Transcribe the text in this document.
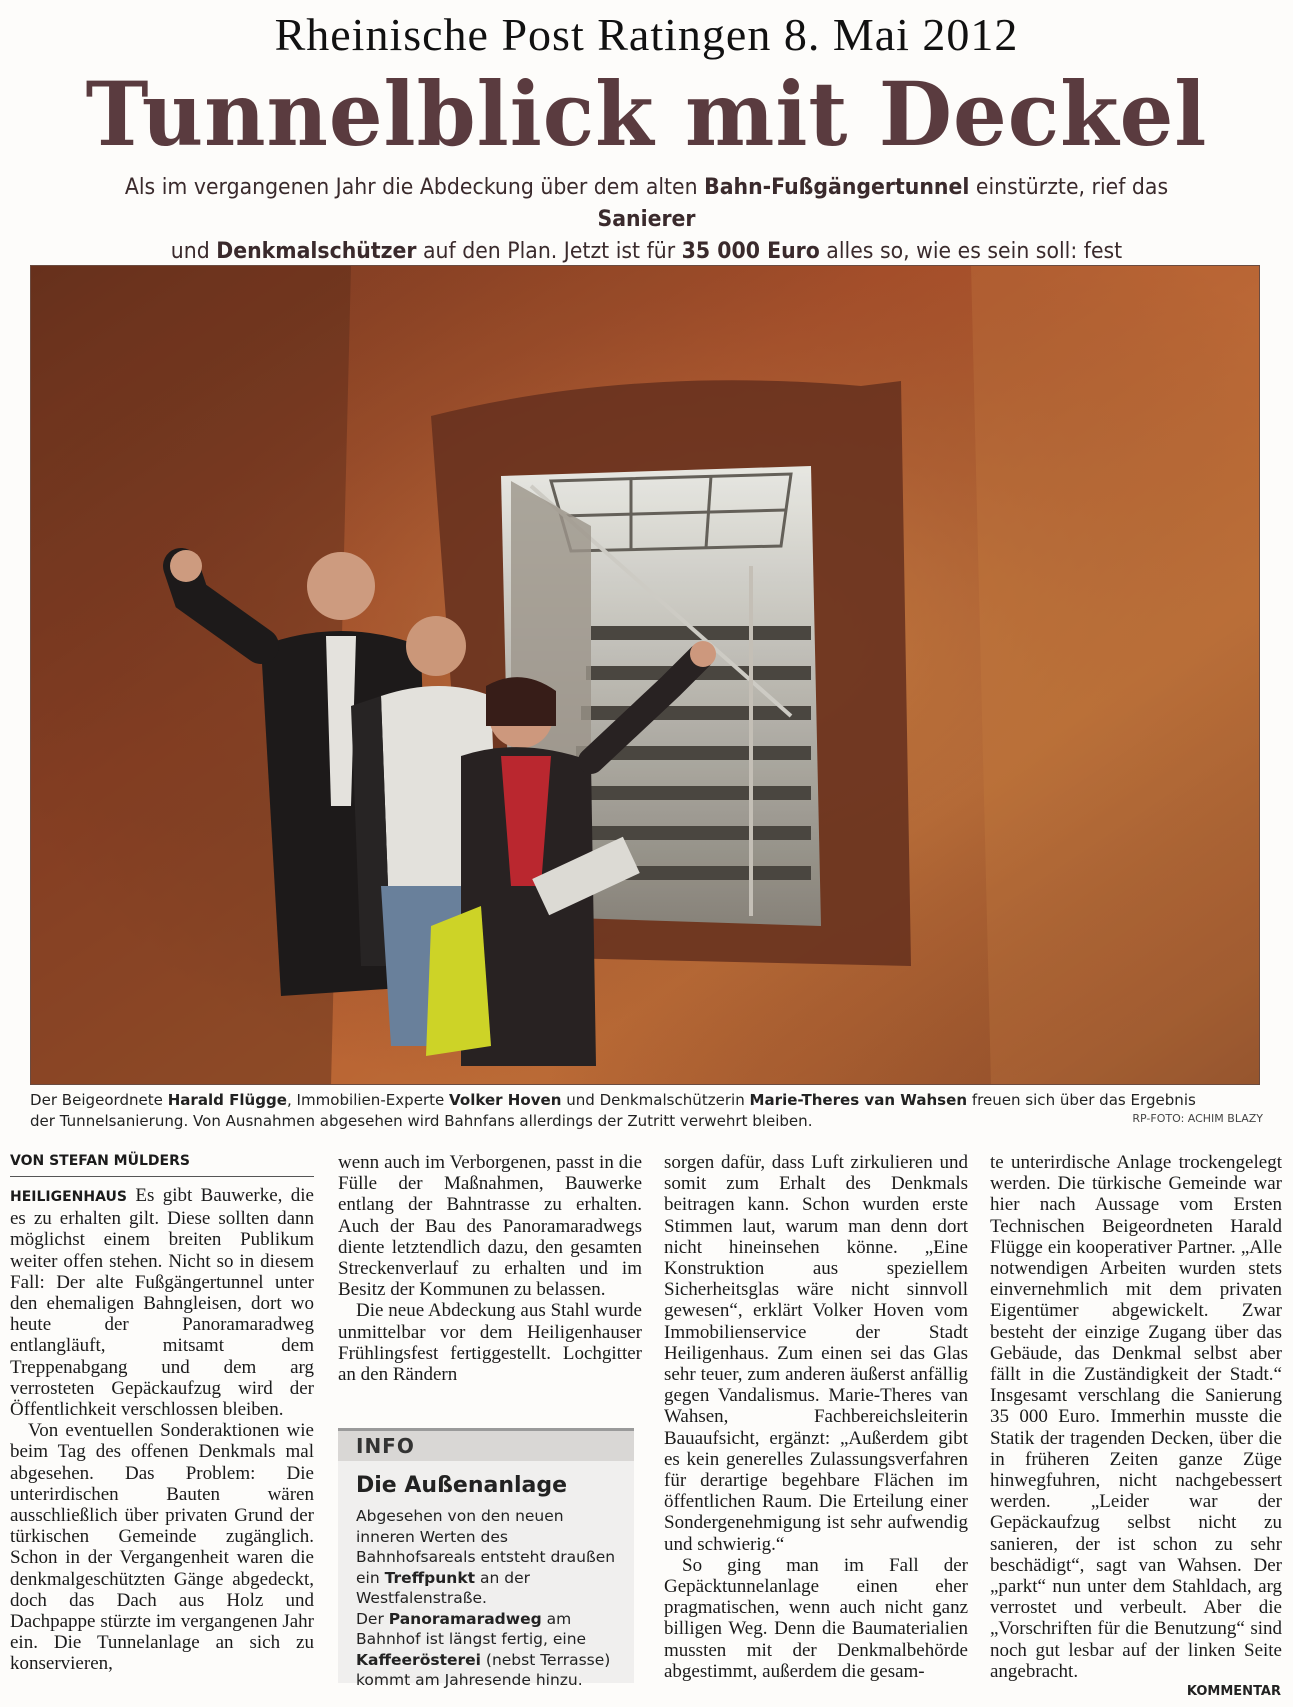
Rheinische Post Ratingen 8. Mai 2012
Tunnelblick mit Deckel
Als im vergangenen Jahr die Abdeckung über dem alten Bahn-Fußgängertunnel einstürzte, rief das Sanierer
und Denkmalschützer auf den Plan. Jetzt ist für 35 000 Euro alles so, wie es sein soll: fest
Der Beigeordnete Harald Flügge, Immobilien-Experte Volker Hoven und Denkmalschützerin Marie-Theres van Wahsen freuen sich über das Ergebnis der Tunnelsanierung. Von Ausnahmen abgesehen wird Bahnfans allerdings der Zutritt verwehrt bleiben.	RP-FOTO: ACHIM BLAZY
VON STEFAN MÜLDERS

HEILIGENHAUS Es gibt Bauwerke, die es zu erhalten gilt. Diese sollten dann möglichst einem breiten Publikum weiter offen stehen. Nicht so in diesem Fall: Der alte Fußgängertunnel unter den ehemaligen Bahngleisen, dort wo heute der Panoramaradweg entlangläuft, mitsamt dem Treppenabgang und dem arg verrosteten Gepäckaufzug wird der Öffentlichkeit verschlossen bleiben.

Von eventuellen Sonderaktionen wie beim Tag des offenen Denkmals mal abgesehen. Das Problem: Die unterirdischen Bauten wären ausschließlich über privaten Grund der türkischen Gemeinde zugänglich. Schon in der Vergangenheit waren die denkmalgeschützten Gänge abgedeckt, doch das Dach aus Holz und Dachpappe stürzte im vergangenen Jahr ein. Die Tunnelanlage an sich zu konservieren,

wenn auch im Verborgenen, passt in die Fülle der Maßnahmen, Bauwerke entlang der Bahntrasse zu erhalten. Auch der Bau des Panoramaradwegs diente letztendlich dazu, den gesamten Streckenverlauf zu erhalten und im Besitz der Kommunen zu belassen.

Die neue Abdeckung aus Stahl wurde unmittelbar vor dem Heiligenhauser Frühlingsfest fertiggestellt. Lochgitter an den Rändern

INFO
Die Außenanlage
Abgesehen von den neuen inneren Werten des Bahnhofsareals entsteht draußen ein Treffpunkt an der Westfalenstraße.
Der Panoramaradweg am Bahnhof ist längst fertig, eine Kaffeerösterei (nebst Terrasse) kommt am Jahresende hinzu.

sorgen dafür, dass Luft zirkulieren und somit zum Erhalt des Denkmals beitragen kann. Schon wurden erste Stimmen laut, warum man denn dort nicht hineinsehen könne. „Eine Konstruktion aus speziellem Sicherheitsglas wäre nicht sinnvoll gewesen“, erklärt Volker Hoven vom Immobilienservice der Stadt Heiligenhaus. Zum einen sei das Glas sehr teuer, zum anderen äußerst anfällig gegen Vandalismus. Marie-Theres van Wahsen, Fachbereichsleiterin Bauaufsicht, ergänzt: „Außerdem gibt es kein generelles Zulassungsverfahren für derartige begehbare Flächen im öffentlichen Raum. Die Erteilung einer Sondergenehmigung ist sehr aufwendig und schwierig.“

So ging man im Fall der Gepäcktunnelanlage einen eher pragmatischen, wenn auch nicht ganz billigen Weg. Denn die Baumaterialien mussten mit der Denkmalbehörde abgestimmt, außerdem die gesam-

te unterirdische Anlage trockengelegt werden. Die türkische Gemeinde war hier nach Aussage vom Ersten Technischen Beigeordneten Harald Flügge ein kooperativer Partner. „Alle notwendigen Arbeiten wurden stets einvernehmlich mit dem privaten Eigentümer abgewickelt. Zwar besteht der einzige Zugang über das Gebäude, das Denkmal selbst aber fällt in die Zuständigkeit der Stadt.“ Insgesamt verschlang die Sanierung 35 000 Euro. Immerhin musste die Statik der tragenden Decken, über die in früheren Zeiten ganze Züge hinwegfuhren, nicht nachgebessert werden. „Leider war der Gepäckaufzug selbst nicht zu sanieren, der ist schon zu sehr beschädigt“, sagt van Wahsen. Der „parkt“ nun unter dem Stahldach, arg verrostet und verbeult. Aber die „Vorschriften für die Benutzung“ sind noch gut lesbar auf der linken Seite angebracht.

KOMMENTAR
